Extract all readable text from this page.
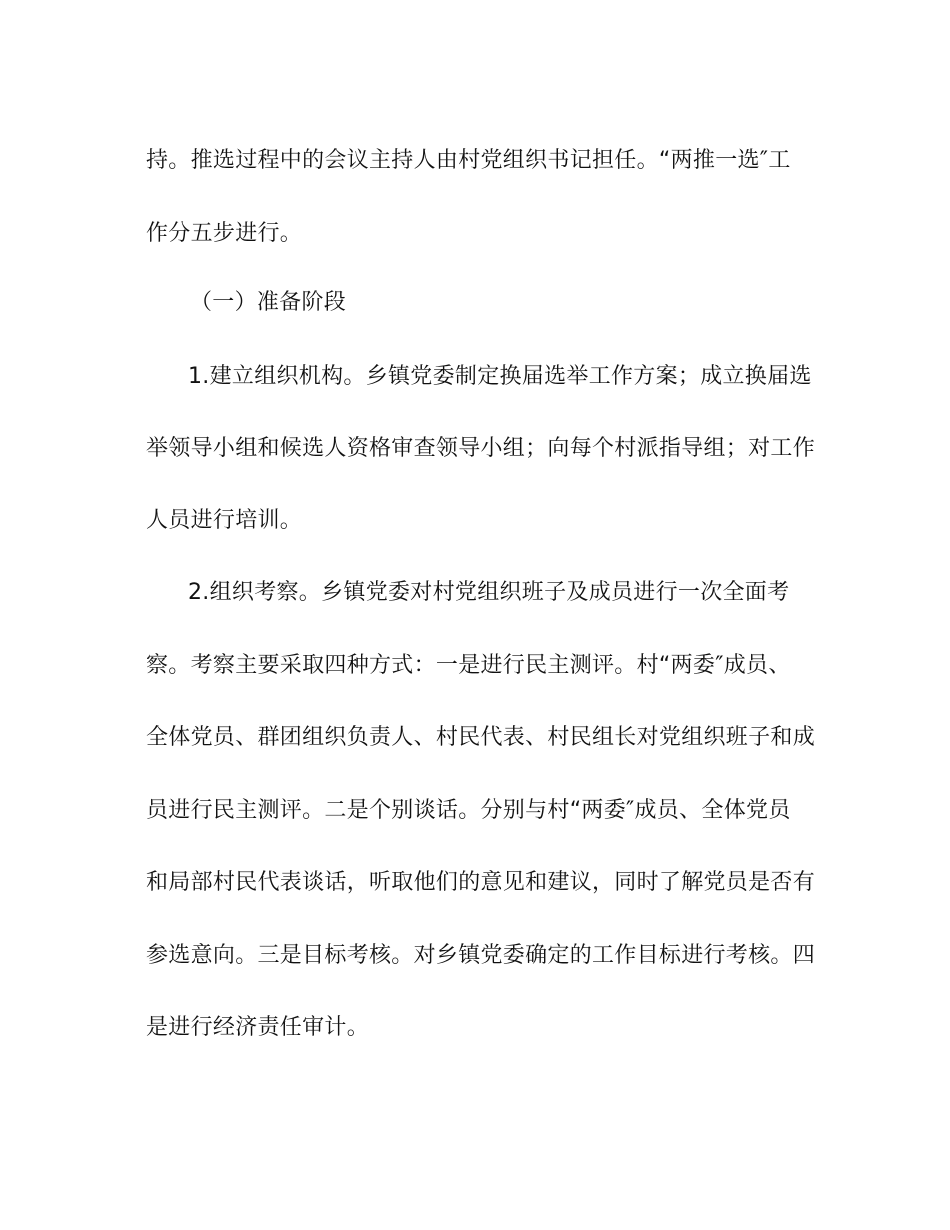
持。推选过程中的会议主持人由村党组织书记担任。“两推一选″工

作分五步进行。

（一）准备阶段

1.建立组织机构。乡镇党委制定换届选举工作方案；成立换届选

举领导小组和候选人资格审查领导小组；向每个村派指导组；对工作

人员进行培训。

2.组织考察。乡镇党委对村党组织班子及成员进行一次全面考

察。考察主要采取四种方式：一是进行民主测评。村“两委″成员、

全体党员、群团组织负责人、村民代表、村民组长对党组织班子和成

员进行民主测评。二是个别谈话。分别与村“两委″成员、全体党员

和局部村民代表谈话，听取他们的意见和建议，同时了解党员是否有

参选意向。三是目标考核。对乡镇党委确定的工作目标进行考核。四

是进行经济责任审计。
